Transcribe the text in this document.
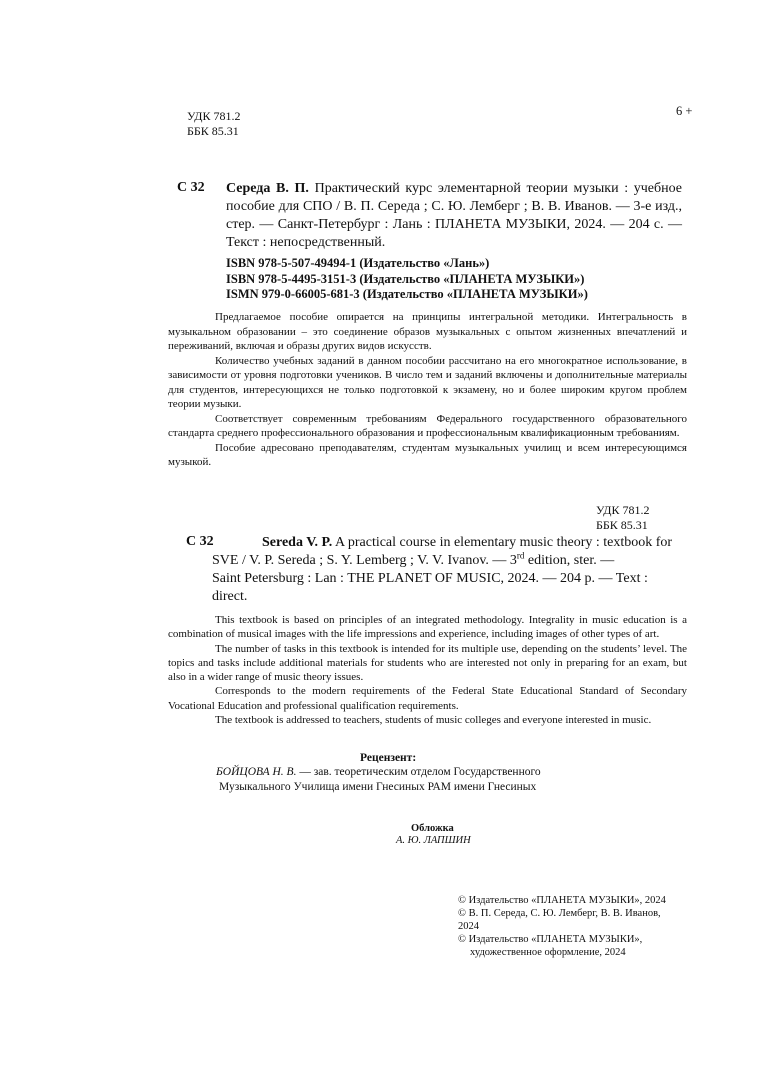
УДК 781.2
ББК 85.31
6 +
С 32 Середа В. П. Практический курс элементарной теории музыки : учебное пособие для СПО / В. П. Середа ; С. Ю. Лемберг ; В. В. Иванов. — 3-е изд., стер. — Санкт-Петербург : Лань : ПЛАНЕТА МУЗЫКИ, 2024. — 204 с. — Текст : непосредственный.
ISBN 978-5-507-49494-1 (Издательство «Лань»)
ISBN 978-5-4495-3151-3 (Издательство «ПЛАНЕТА МУЗЫКИ»)
ISMN 979-0-66005-681-3 (Издательство «ПЛАНЕТА МУЗЫКИ»)

Предлагаемое пособие опирается на принципы интегральной методики. Интегральность в музыкальном образовании – это соединение образов музыкальных с опытом жизненных впечатлений и переживаний, включая и образы других видов искусств.

Количество учебных заданий в данном пособии рассчитано на его многократное использование, в зависимости от уровня подготовки учеников. В число тем и заданий включены и дополнительные материалы для студентов, интересующихся не только подготовкой к экзамену, но и более широким кругом проблем теории музыки.

Соответствует современным требованиям Федерального государственного образовательного стандарта среднего профессионального образования и профессиональным квалификационным требованиям.

Пособие адресовано преподавателям, студентам музыкальных училищ и всем интересующимся музыкой.

УДК 781.2
ББК 85.31
С 32	Sereda V. P. A practical course in elementary music theory : textbook for
SVE / V. P. Sereda ; S. Y. Lemberg ; V. V. Ivanov. — 3rd edition, ster. —
Saint Petersburg : Lan : THE PLANET OF MUSIC, 2024. — 204 p. — Text :
direct.

This textbook is based on principles of an integrated methodology. Integrality in music education is a combination of musical images with the life impressions and experience, including images of other types of art.

The number of tasks in this textbook is intended for its multiple use, depending on the students’ level. The topics and tasks include additional materials for students who are interested not only in preparing for an exam, but also in a wider range of music theory issues.

Corresponds to the modern requirements of the Federal State Educational Standard of Secondary Vocational Education and professional qualification requirements.

The textbook is addressed to teachers, students of music colleges and everyone interested in music.

Рецензент:
БОЙЦОВА Н. В. — зав. теоретическим отделом Государственного
Музыкального Училища имени Гнесиных РАМ имени Гнесиных
Обложка
А. Ю. ЛАПШИН
© Издательство «ПЛАНЕТА МУЗЫКИ», 2024
© В. П. Середа, С. Ю. Лемберг, В. В. Иванов,
2024
© Издательство «ПЛАНЕТА МУЗЫКИ»,
художественное оформление, 2024
